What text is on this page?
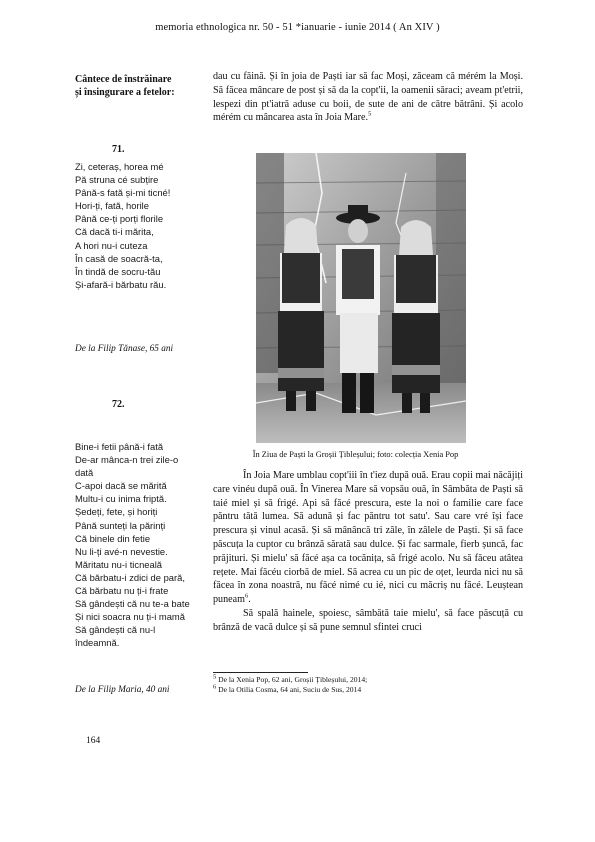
memoria ethnologica nr. 50 - 51 *ianuarie - iunie 2014 ( An XIV )
Cântece de înstrăinare
și însingurare a fetelor:
71.
Zi, ceteraș, horea mé
Pă struna cé subțire
Până-s fată și-mi ticné!
Hori-ți, fată, horile
Până ce-ți porți florile
Că dacă ti-i mărita,
A hori nu-i cuteza
În casă de soacră-ta,
În tindă de socru-tău
Și-afară-i bărbatu rău.
De la Filip Tănase, 65 ani
72.
Bine-i fetii până-i fată
De-ar mânca-n trei zile-o
dată
C-apoi dacă se mărită
Multu-i cu inima friptă.
Ședeți, fete, și horiți
Până sunteți la părinți
Că binele din fetie
Nu li-ți avé-n nevestie.
Măritatu nu-i ticneală
Că bărbatu-i zdici de pară,
Că bărbatu nu ți-i frate
Să gândești că nu te-a bate
Și nici soacra nu ți-i mamă
Să gândești că nu-l
îndeamnă.
De la Filip Maria, 40 ani

dau cu făină. Și în joia de Paști iar să fac Moși, zăceam că mérém la Moși. Să făcea mâncare de post și să da la copt'ii, la oamenii săraci; aveam pt'etrii, lespezi din pt'iatră aduse cu boii, de sute de ani de către bătrâni. Și acolo mérém cu mâncarea asta în Joia Mare.$^5$

În Ziua de Paști la Groșii Țibleșului; foto: colecția Xenia Pop

În Joia Mare umblau copt'iii în t'iez după ouă. Erau copii mai năcăjiți care vinéu după ouă. În Vinerea Mare să vopsău ouă, în Sâmbăta de Paști să taié miel și să frigé. Api să făcé prescura, este la noi o familie care face păntru tătă lumea. Să adună și fac păntru tot satu'. Sau care vré își face prescura și vinul acasă. Și să mânâncă tri zâle, în zâlele de Paști. Și să face păscuța la cuptor cu brânză sărată sau dulce. Și fac sarmale, fierb șuncă, fac prăjituri. Și mielu' să făcé așa ca tocănița, să frigé acolo. Nu să făceu atâtea rețete. Mai făcéu ciorbă de miel. Să acrea cu un pic de oțet, leurda nici nu să făcea în zona noastră, nu făcé nimé cu ié, nici cu măcriș nu făcé. Leuștean puneam$^6$.

Să spală hainele, spoiesc, sâmbătă taie mielu', să face păscuță cu brânză de vacă dulce și să pune semnul sfintei cruci

$^5$ De la Xenia Pop, 62 ani, Groșii Țibleșului, 2014;
$^6$ De la Otilia Cosma, 64 ani, Suciu de Sus, 2014
164
